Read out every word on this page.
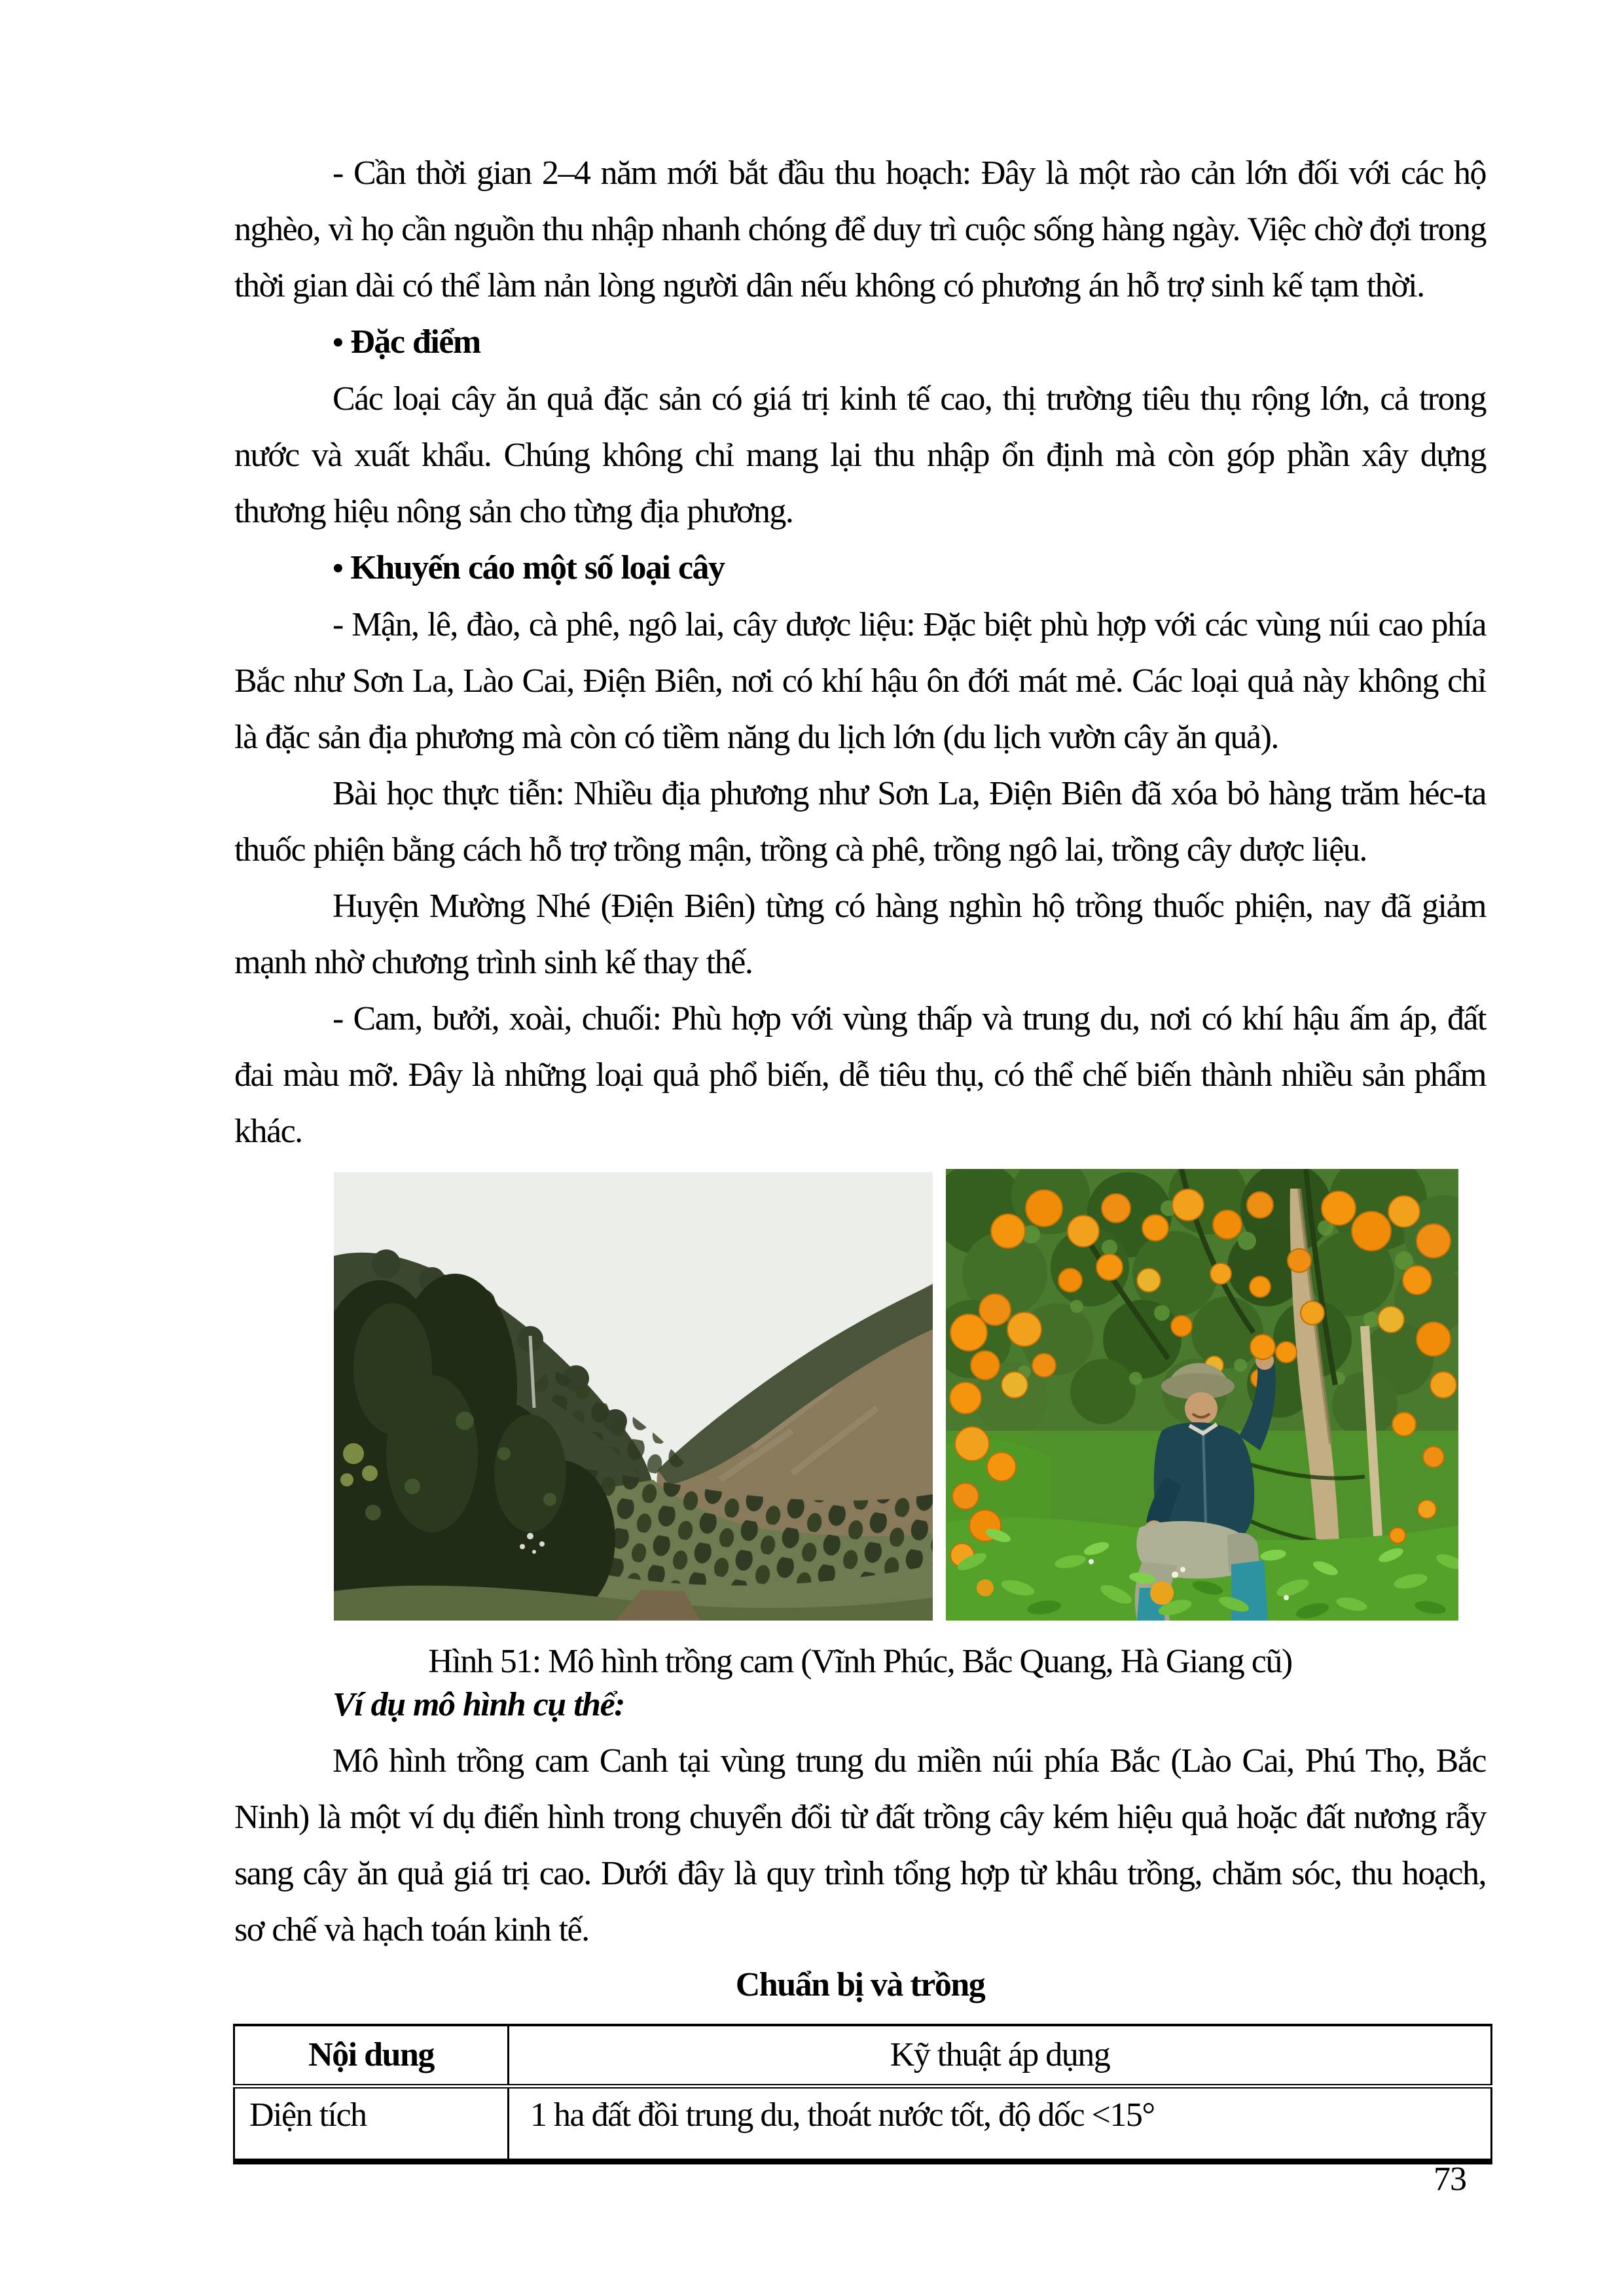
- Cần thời gian 2–4 năm mới bắt đầu thu hoạch: Đây là một rào cản lớn đối với các hộ nghèo, vì họ cần nguồn thu nhập nhanh chóng để duy trì cuộc sống hàng ngày. Việc chờ đợi trong thời gian dài có thể làm nản lòng người dân nếu không có phương án hỗ trợ sinh kế tạm thời.

• Đặc điểm

Các loại cây ăn quả đặc sản có giá trị kinh tế cao, thị trường tiêu thụ rộng lớn, cả trong nước và xuất khẩu. Chúng không chỉ mang lại thu nhập ổn định mà còn góp phần xây dựng thương hiệu nông sản cho từng địa phương.

• Khuyến cáo một số loại cây

- Mận, lê, đào, cà phê, ngô lai, cây dược liệu: Đặc biệt phù hợp với các vùng núi cao phía Bắc như Sơn La, Lào Cai, Điện Biên, nơi có khí hậu ôn đới mát mẻ. Các loại quả này không chỉ là đặc sản địa phương mà còn có tiềm năng du lịch lớn (du lịch vườn cây ăn quả).

Bài học thực tiễn: Nhiều địa phương như Sơn La, Điện Biên đã xóa bỏ hàng trăm héc-ta thuốc phiện bằng cách hỗ trợ trồng mận, trồng cà phê, trồng ngô lai, trồng cây dược liệu.

Huyện Mường Nhé (Điện Biên) từng có hàng nghìn hộ trồng thuốc phiện, nay đã giảm mạnh nhờ chương trình sinh kế thay thế.

- Cam, bưởi, xoài, chuối: Phù hợp với vùng thấp và trung du, nơi có khí hậu ấm áp, đất đai màu mỡ. Đây là những loại quả phổ biến, dễ tiêu thụ, có thể chế biến thành nhiều sản phẩm khác.

Hình 51: Mô hình trồng cam (Vĩnh Phúc, Bắc Quang, Hà Giang cũ)

Ví dụ mô hình cụ thể:

Mô hình trồng cam Canh tại vùng trung du miền núi phía Bắc (Lào Cai, Phú Thọ, Bắc Ninh) là một ví dụ điển hình trong chuyển đổi từ đất trồng cây kém hiệu quả hoặc đất nương rẫy sang cây ăn quả giá trị cao. Dưới đây là quy trình tổng hợp từ khâu trồng, chăm sóc, thu hoạch, sơ chế và hạch toán kinh tế.

Chuẩn bị và trồng
Nội dung	Kỹ thuật áp dụng
Diện tích	1 ha đất đồi trung du, thoát nước tốt, độ dốc <15°
73
